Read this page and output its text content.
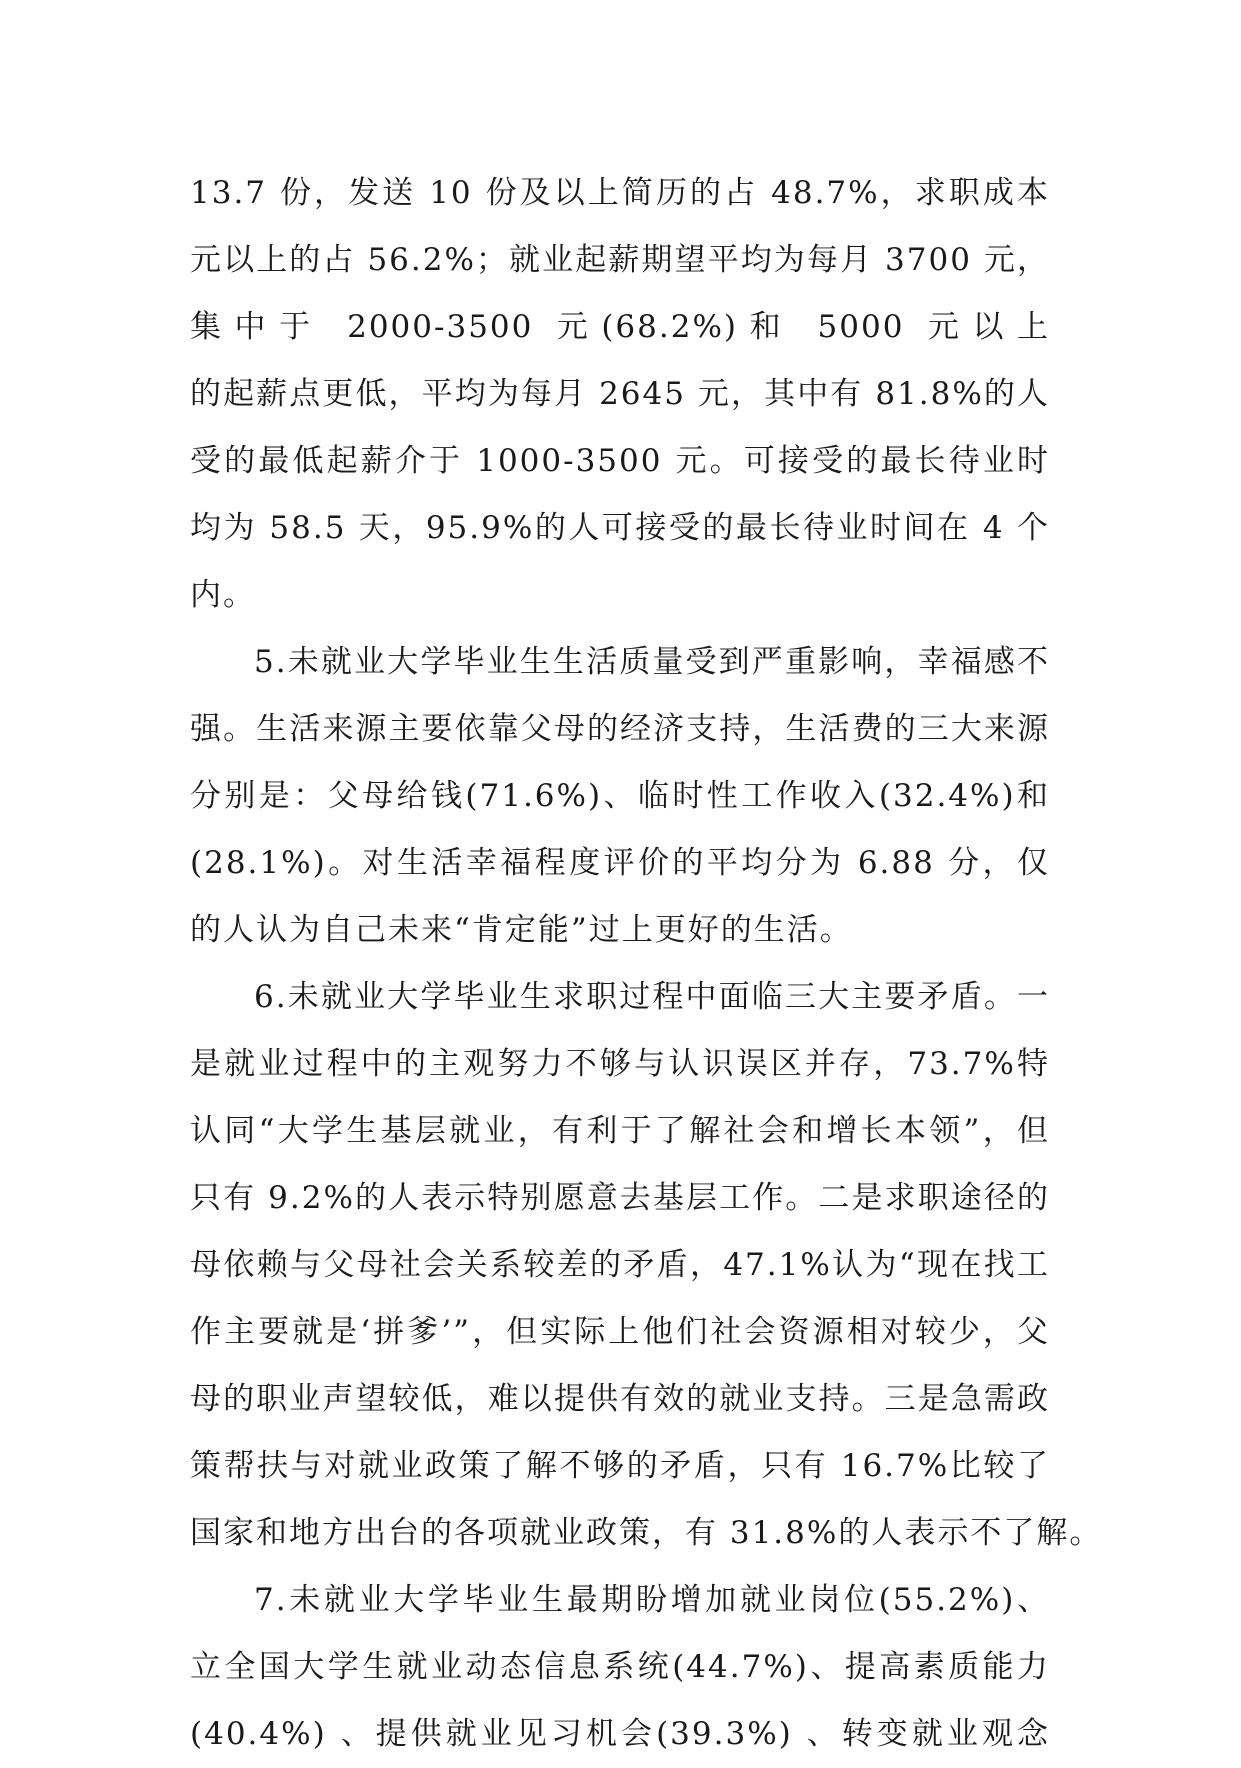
13.7 份，发送 10 份及以上简历的占 48.7%，求职成本
元以上的占 56.2%；就业起薪期望平均为每月 3700 元，
集中于 2000-3500 元(68.2%)和 5000 元以上
的起薪点更低，平均为每月 2645 元，其中有 81.8%的人
受的最低起薪介于 1000-3500 元。可接受的最长待业时
均为 58.5 天，95.9%的人可接受的最长待业时间在 4 个
内。
5.未就业大学毕业生生活质量受到严重影响，幸福感不
强。生活来源主要依靠父母的经济支持，生活费的三大来源
分别是：父母给钱(71.6%)、临时性工作收入(32.4%)和
(28.1%)。对生活幸福程度评价的平均分为 6.88 分，仅
的人认为自己未来“肯定能”过上更好的生活。
6.未就业大学毕业生求职过程中面临三大主要矛盾。一
是就业过程中的主观努力不够与认识误区并存，73.7%特
认同“大学生基层就业，有利于了解社会和增长本领”，但
只有 9.2%的人表示特别愿意去基层工作。二是求职途径的
母依赖与父母社会关系较差的矛盾，47.1%认为“现在找工
作主要就是‘拼爹’”，但实际上他们社会资源相对较少，父
母的职业声望较低，难以提供有效的就业支持。三是急需政
策帮扶与对就业政策了解不够的矛盾，只有 16.7%比较了
国家和地方出台的各项就业政策，有 31.8%的人表示不了解。
7.未就业大学毕业生最期盼增加就业岗位(55.2%)、
立全国大学生就业动态信息系统(44.7%)、提高素质能力
(40.4%) 、提供就业见习机会(39.3%) 、转变就业观念
